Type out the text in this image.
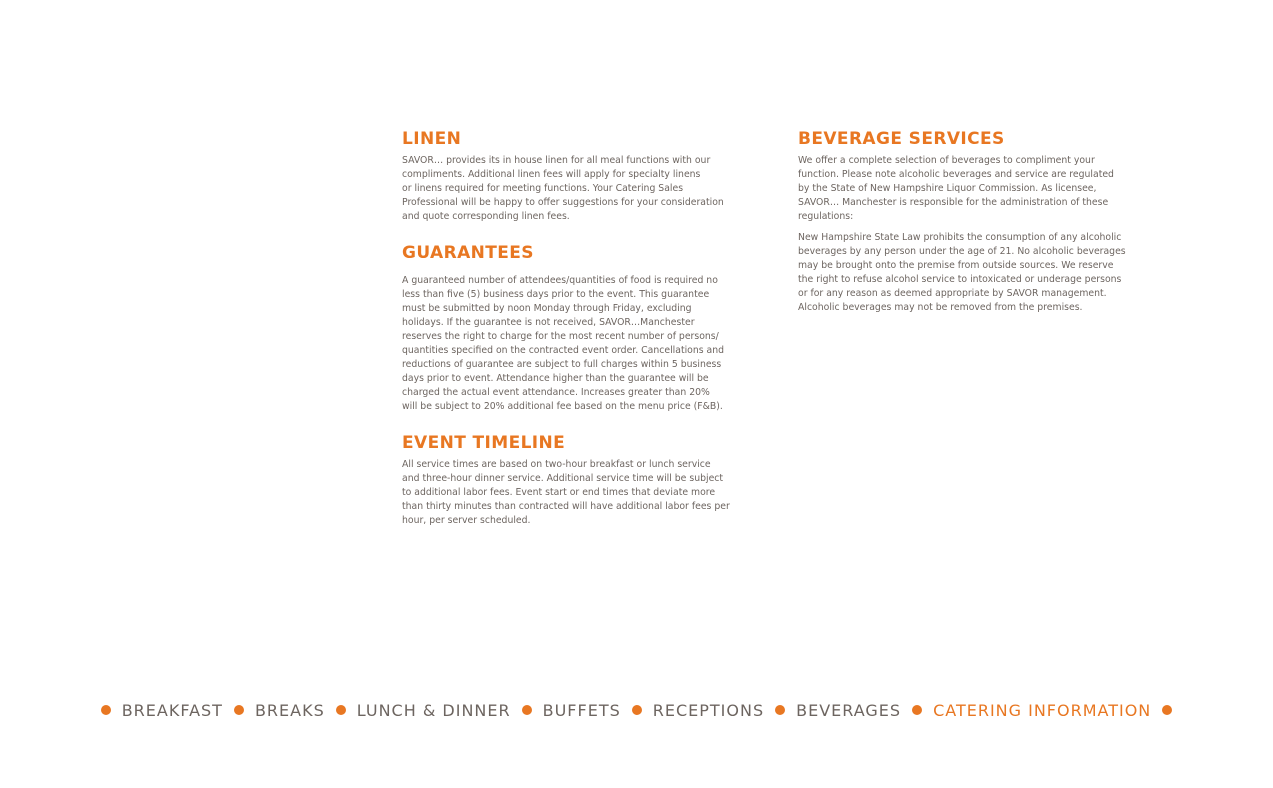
LINEN

SAVOR… provides its in house linen for all meal functions with our
compliments. Additional linen fees will apply for specialty linens
or linens required for meeting functions. Your Catering Sales
Professional will be happy to offer suggestions for your consideration
and quote corresponding linen fees.

GUARANTEES

A guaranteed number of attendees/quantities of food is required no
less than five (5) business days prior to the event. This guarantee
must be submitted by noon Monday through Friday, excluding
holidays. If the guarantee is not received, SAVOR…Manchester
reserves the right to charge for the most recent number of persons/
quantities specified on the contracted event order. Cancellations and
reductions of guarantee are subject to full charges within 5 business
days prior to event. Attendance higher than the guarantee will be
charged the actual event attendance. Increases greater than 20%
will be subject to 20% additional fee based on the menu price (F&B).

EVENT TIMELINE

All service times are based on two-hour breakfast or lunch service
and three-hour dinner service. Additional service time will be subject
to additional labor fees. Event start or end times that deviate more
than thirty minutes than contracted will have additional labor fees per
hour, per server scheduled.

BEVERAGE SERVICES

We offer a complete selection of beverages to compliment your
function. Please note alcoholic beverages and service are regulated
by the State of New Hampshire Liquor Commission. As licensee,
SAVOR… Manchester is responsible for the administration of these
regulations:

New Hampshire State Law prohibits the consumption of any alcoholic
beverages by any person under the age of 21. No alcoholic beverages
may be brought onto the premise from outside sources. We reserve
the right to refuse alcohol service to intoxicated or underage persons
or for any reason as deemed appropriate by SAVOR management.
Alcoholic beverages may not be removed from the premises.

BREAKFAST BREAKS LUNCH & DINNER BUFFETS RECEPTIONS BEVERAGES CATERING INFORMATION
